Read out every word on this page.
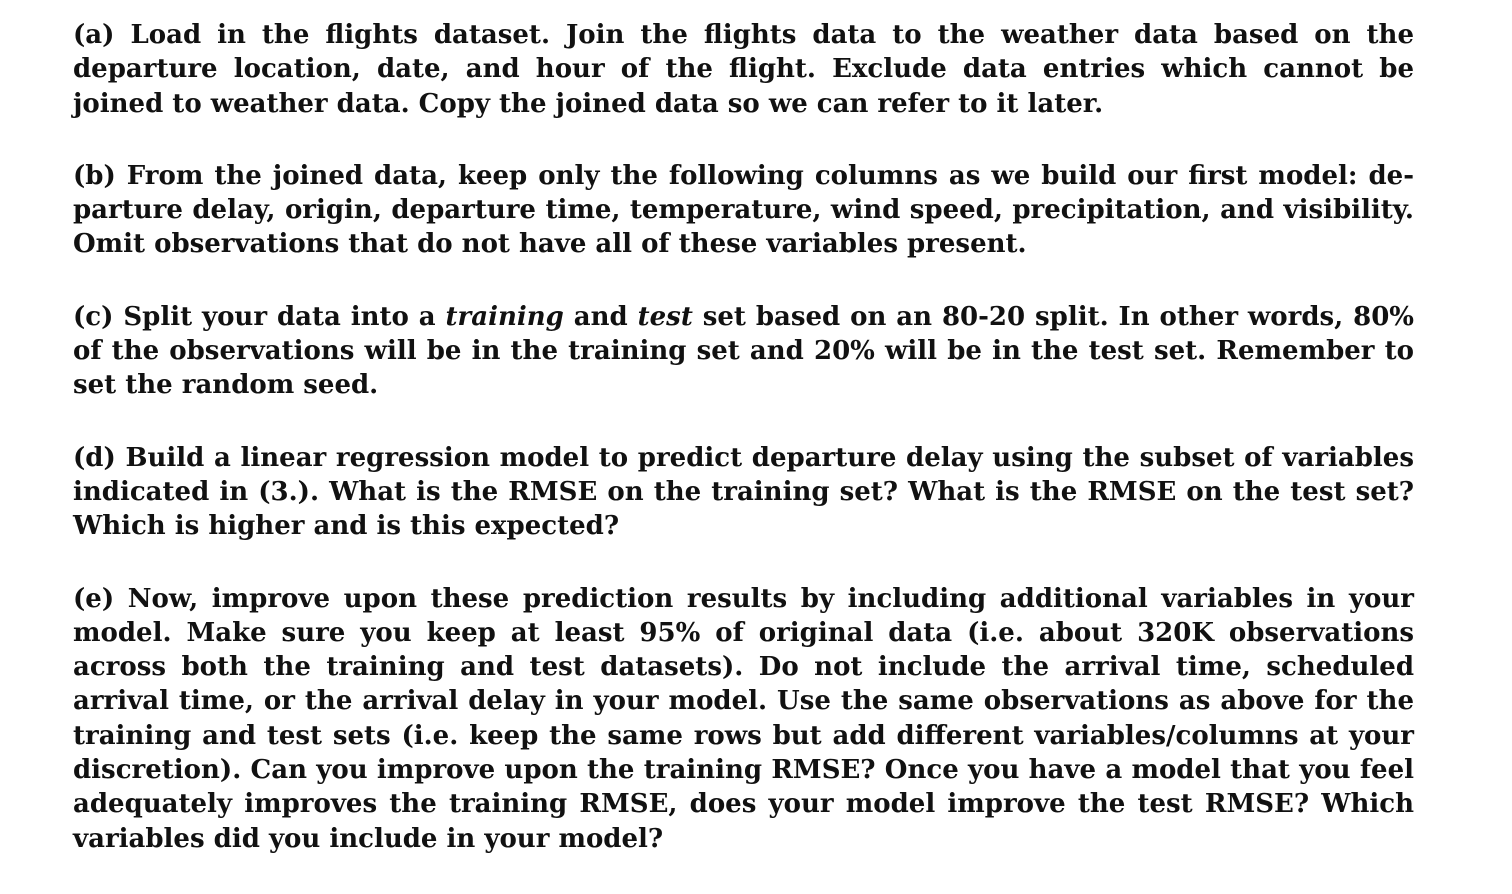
(a) Load in the flights dataset. Join the flights data to the weather data based on the departure location, date, and hour of the flight. Exclude data entries which cannot be joined to weather data. Copy the joined data so we can refer to it later.

(b) From the joined data, keep only the following columns as we build our first model: departure delay, origin, departure time, temperature, wind speed, precipitation, and visibility. Omit observations that do not have all of these variables present.

(c) Split your data into a training and test set based on an 80-20 split. In other words, 80% of the observations will be in the training set and 20% will be in the test set. Remember to set the random seed.

(d) Build a linear regression model to predict departure delay using the subset of variables indicated in (3.). What is the RMSE on the training set? What is the RMSE on the test set? Which is higher and is this expected?

(e) Now, improve upon these prediction results by including additional variables in your model. Make sure you keep at least 95% of original data (i.e. about 320K observations across both the training and test datasets). Do not include the arrival time, scheduled arrival time, or the arrival delay in your model. Use the same observations as above for the training and test sets (i.e. keep the same rows but add different variables/columns at your discretion). Can you improve upon the training RMSE? Once you have a model that you feel adequately improves the training RMSE, does your model improve the test RMSE? Which variables did you include in your model?
